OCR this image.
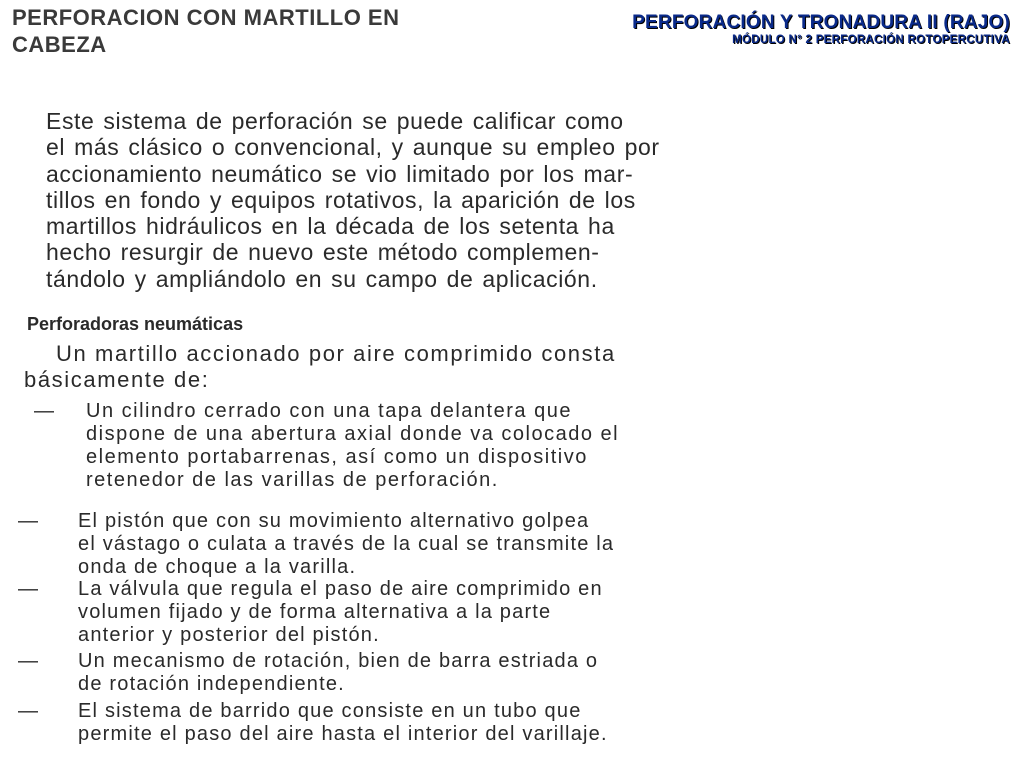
PERFORACION CON MARTILLO EN
CABEZA
PERFORACIÓN Y TRONADURA II (RAJO)
MÓDULO N° 2 PERFORACIÓN ROTOPERCUTIVA

Este sistema de perforación se puede calificar como
el más clásico o convencional, y aunque su empleo por
accionamiento neumático se vio limitado por los mar-
tillos en fondo y equipos rotativos, la aparición de los
martillos hidráulicos en la década de los setenta ha
hecho resurgir de nuevo este método complemen-
tándolo y ampliándolo en su campo de aplicación.

Perforadoras neumáticas

Un martillo accionado por aire comprimido consta
básicamente de:

—	Un cilindro cerrado con una tapa delantera que
dispone de una abertura axial donde va colocado el
elemento portabarrenas, así como un dispositivo
retenedor de las varillas de perforación.
—	El pistón que con su movimiento alternativo golpea
el vástago o culata a través de la cual se transmite la
onda de choque a la varilla.
—	La válvula que regula el paso de aire comprimido en
volumen fijado y de forma alternativa a la parte
anterior y posterior del pistón.
—	Un mecanismo de rotación, bien de barra estriada o
de rotación independiente.
—	El sistema de barrido que consiste en un tubo que
permite el paso del aire hasta el interior del varillaje.
